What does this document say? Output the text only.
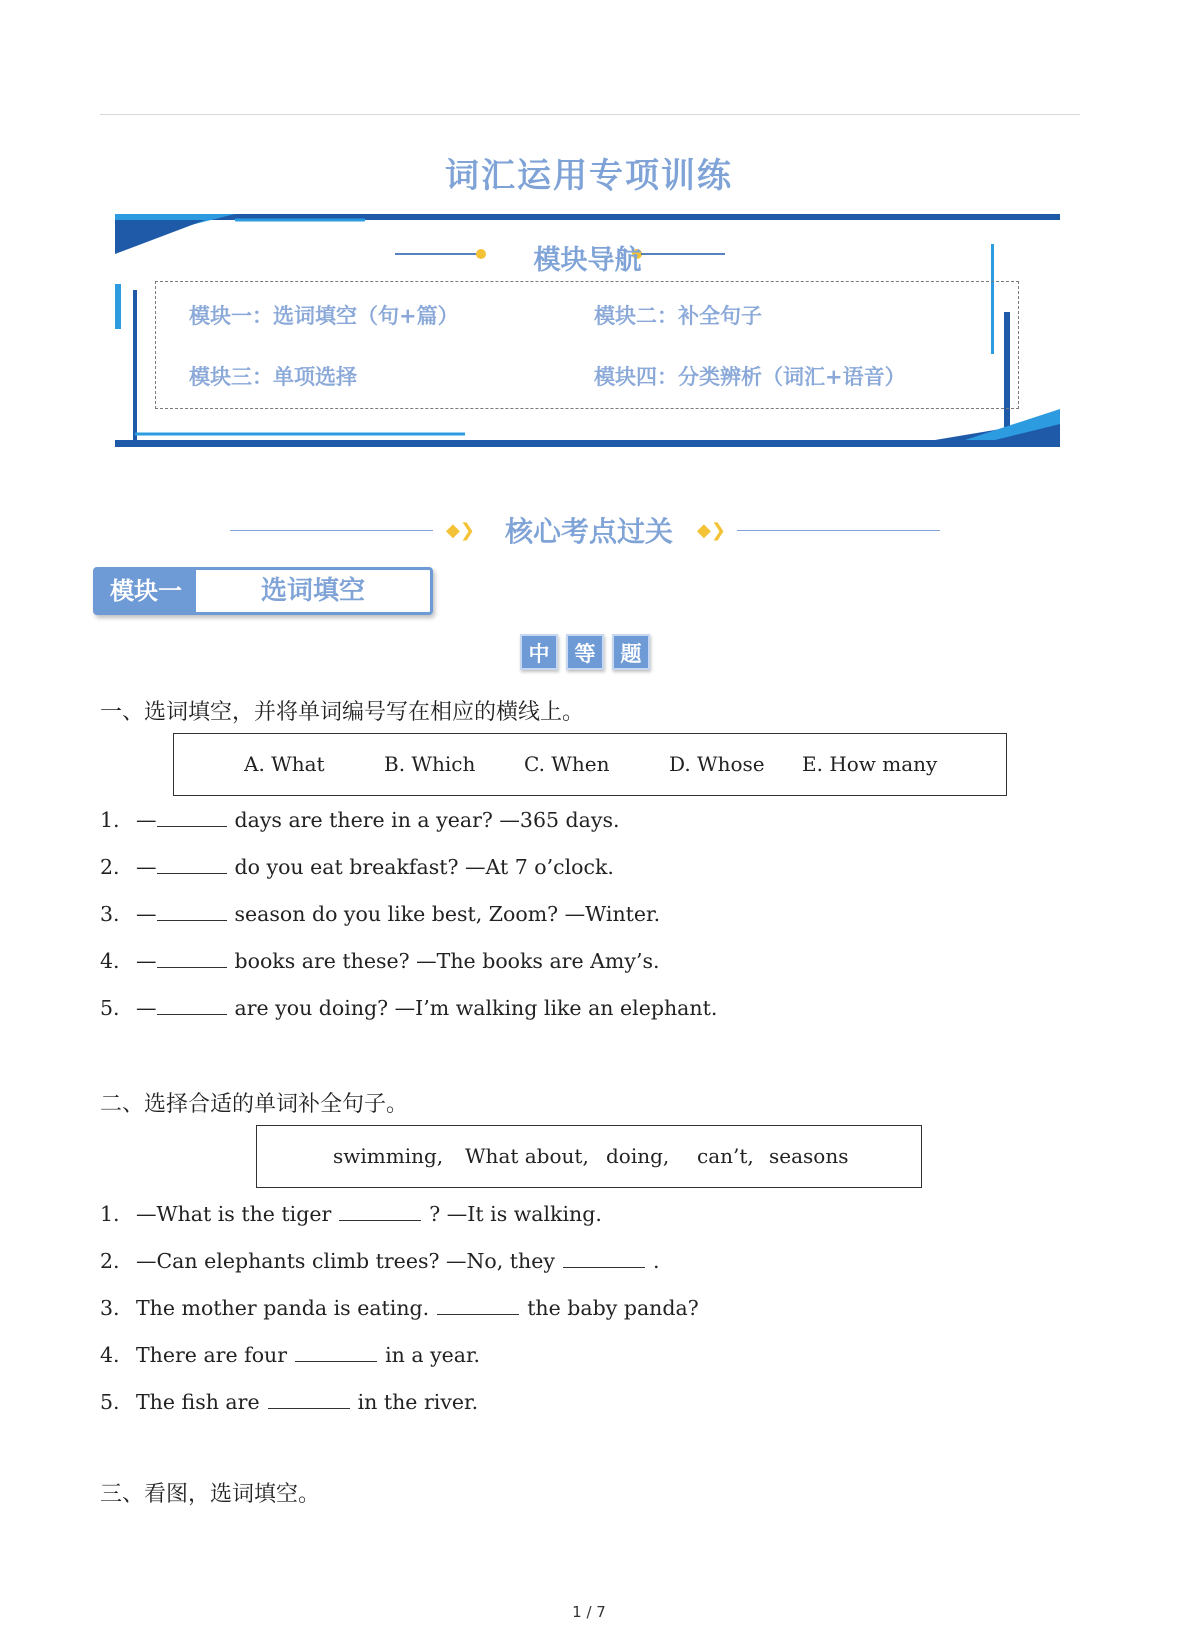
词汇运用专项训练
模块导航
模块一：选词填空（句+篇）	模块二：补全句子
模块三：单项选择	模块四：分类辨析（词汇+语音）
◆❯	核心考点过关	◆❯
模块一	选词填空
中	等	题
一、选词填空，并将单词编号写在相应的横线上。
A. What	B. Which C. When	D. Whose E. How many
1. —	days are there in a year? —365 days.
2. —	do you eat breakfast? —At 7 o’clock.
3. —	season do you like best, Zoom? —Winter.
4. —	books are these? —The books are Amy’s.
5. —	are you doing? —I’m walking like an elephant.
二、选择合适的单词补全句子。
swimming, What about, doing, can’t, seasons
1. —What is the tiger	? —It is walking.
2. —Can elephants climb trees? —No, they	.
3. The mother panda is eating.	the baby panda?
4. There are four	in a year.
5. The fish are	in the river.
三、看图，选词填空。
1 / 7
